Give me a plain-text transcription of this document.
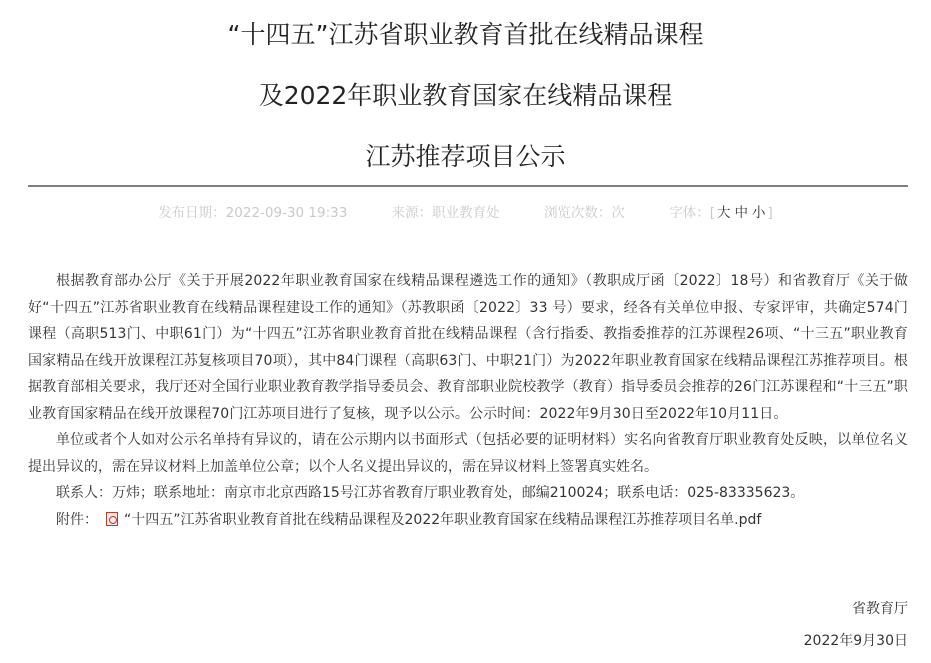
“十四五”江苏省职业教育首批在线精品课程
及2022年职业教育国家在线精品课程
江苏推荐项目公示
发布日期：2022-09-30 19:33	来源：职业教育处	浏览次数：次	字体：[ 大 中 小 ]

根据教育部办公厅《关于开展2022年职业教育国家在线精品课程遴选工作的通知》（教职成厅函〔2022〕18号）和省教育厅《关于做好“十四五”江苏省职业教育在线精品课程建设工作的通知》（苏教职函〔2022〕33 号）要求，经各有关单位申报、专家评审，共确定574门课程（高职513门、中职61门）为“十四五”江苏省职业教育首批在线精品课程（含行指委、教指委推荐的江苏课程26项、“十三五”职业教育国家精品在线开放课程江苏复核项目70项），其中84门课程（高职63门、中职21门）为2022年职业教育国家在线精品课程江苏推荐项目。根据教育部相关要求，我厅还对全国行业职业教育教学指导委员会、教育部职业院校教学（教育）指导委员会推荐的26门江苏课程和“十三五”职业教育国家精品在线开放课程70门江苏项目进行了复核，现予以公示。公示时间：2022年9月30日至2022年10月11日。

单位或者个人如对公示名单持有异议的，请在公示期内以书面形式（包括必要的证明材料）实名向省教育厅职业教育处反映，以单位名义提出异议的，需在异议材料上加盖单位公章；以个人名义提出异议的，需在异议材料上签署真实姓名。

联系人：万炜；联系地址：南京市北京西路15号江苏省教育厅职业教育处，邮编210024；联系电话：025-83335623。

附件： “十四五”江苏省职业教育首批在线精品课程及2022年职业教育国家在线精品课程江苏推荐项目名单.pdf

省教育厅
2022年9月30日
